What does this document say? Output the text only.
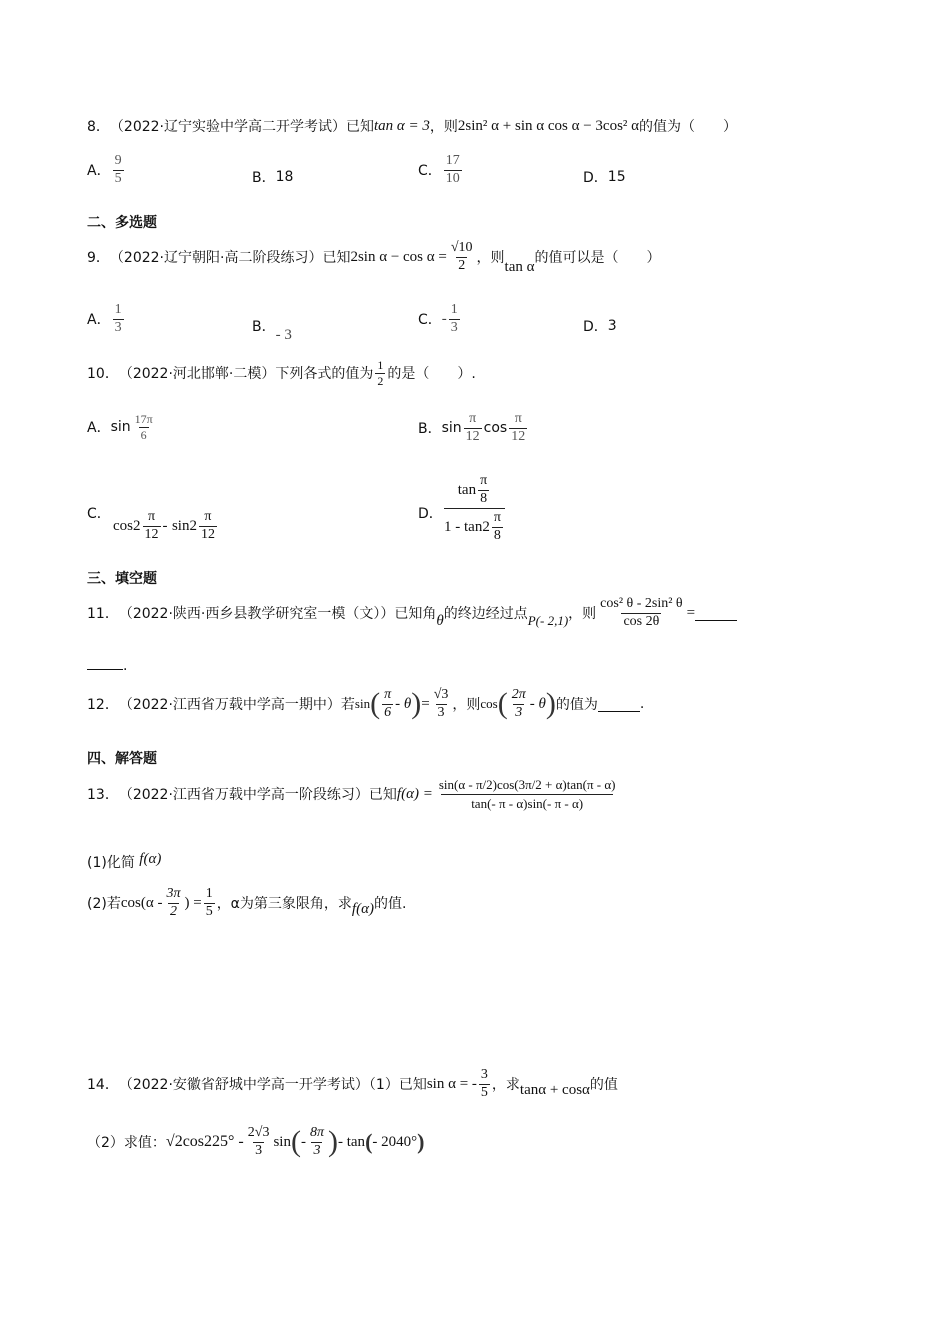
8． （2022·辽宁实验中学高二开学考试）已知 tan α = 3 ，则 2sin² α + sin α cos α − 3cos² α 的值为（　　）
A． $\frac{9}{5}$	B． 18	C． $\frac{17}{10}$	D． 15
二、多选题
9． （2022·辽宁朝阳·高二阶段练习）已知 2sin $\alpha - \cos \alpha = \frac{√10}{2}$ ，则
tan α
的值可以是（　　）
A． $\frac{1}{3}$	B． - 3
C． - $\frac{1}{3}$	D． 3
10． （2022·河北邯郸·二模）下列各式的值为 $\frac{1}{2}$ 的是（　　）.
A． $\sin \frac{17\pi}{6}$	B． $\sin \frac{\pi}{12}$ $\cos \frac{\pi}{12}$
C．
$\cos 2 \frac{\pi}{12}$ -
$\sin 2 \frac{\pi}{12}$	D．
$\tan \frac{\pi}{8}$
$1 - \tan 2 \frac{\pi}{8}$
三、填空题
11． （2022·陕西·西乡县教学研究室一模（文））已知角 θ 的终边经过点 P(- 2,1) ，则 $\frac{\text{cos² θ - 2sin² θ}}{\cos 2\theta}$ =
.
12． （2022·江西省万载中学高一期中）若 sin ( $\frac{\pi}{6}$ - θ ) = $\frac{√3}{3}$ ，则 cos ( $\frac{2\pi}{3}$ - θ ) 的值为	.
四、解答题
13． （2022·江西省万载中学高一阶段练习）已知 $f(\alpha) = \frac{\sin(\alpha - \pi/2)\cos(3\pi/2 + \alpha)\tan(\pi - \alpha)}{\tan(- \pi - \alpha)\sin(- \pi - \alpha)}$
(1)化简 f(α)
(2)若 $\cos(\alpha - \frac{3\pi}{2}$ ) = $\frac{1}{5}$ ，α为第三象限角，求 f(α) 的值.
14． （2022·安徽省舒城中学高一开学考试）（1）已知 sin α = - $\frac{3}{5}$ ，求 tanα + cosα 的值
（2）求值： $√2\cos 225^\circ - \frac{2√3}{3}$ sin ( - $\frac{8\pi}{3}$ ) - tan ( - 2040° )
